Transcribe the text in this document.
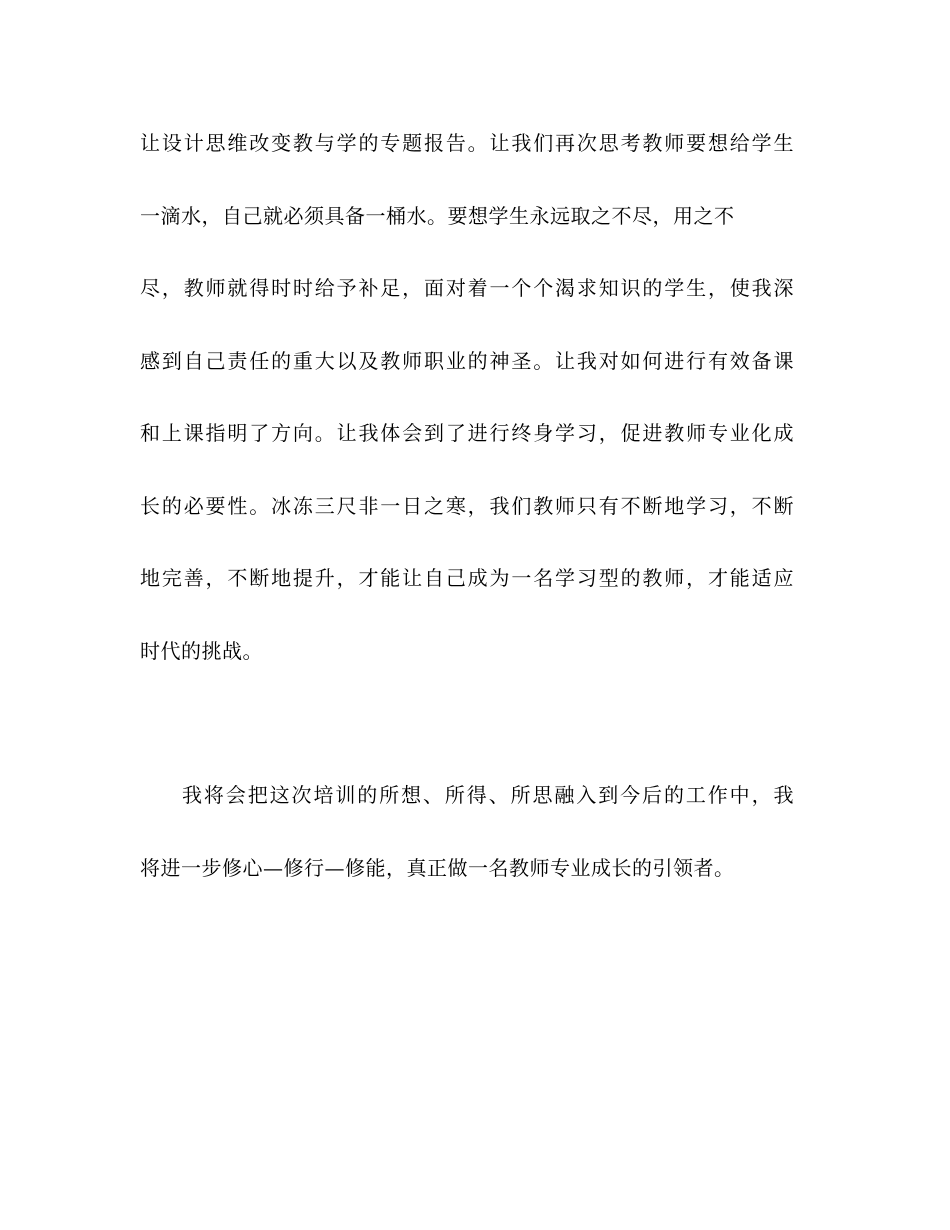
让设计思维改变教与学的专题报告。让我们再次思考教师要想给学生
一滴水，自己就必须具备一桶水。要想学生永远取之不尽，用之不
尽，教师就得时时给予补足，面对着一个个渴求知识的学生，使我深
感到自己责任的重大以及教师职业的神圣。让我对如何进行有效备课
和上课指明了方向。让我体会到了进行终身学习，促进教师专业化成
长的必要性。冰冻三尺非一日之寒，我们教师只有不断地学习，不断
地完善，不断地提升，才能让自己成为一名学习型的教师，才能适应
时代的挑战。
我将会把这次培训的所想、所得、所思融入到今后的工作中，我
将进一步修心—修行—修能，真正做一名教师专业成长的引领者。
